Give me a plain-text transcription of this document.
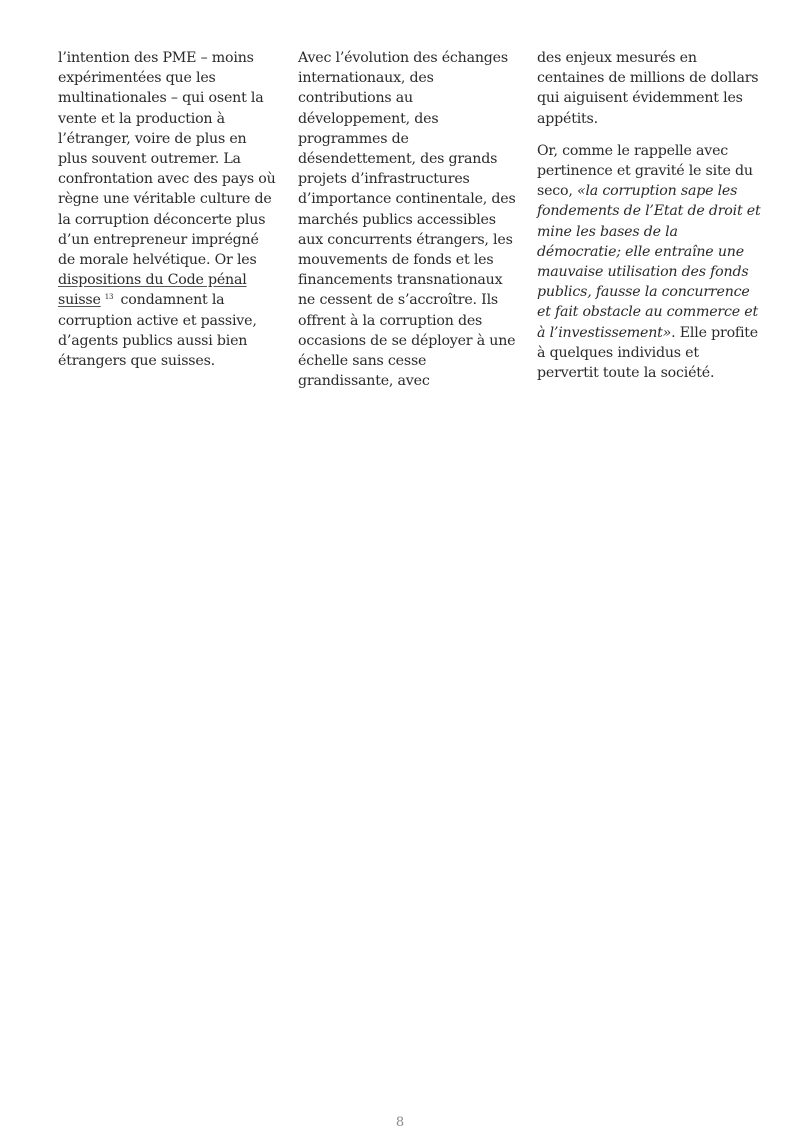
l’intention des PME – moins expérimentées que les multinationales – qui osent la vente et la production à l’étranger, voire de plus en plus souvent outremer. La confrontation avec des pays où règne une véritable culture de la corruption déconcerte plus d’un entrepreneur imprégné de morale helvétique. Or les dispositions du Code pénal suisse $^{13}$ condamnent la corruption active et passive, d’agents publics aussi bien étrangers que suisses.

Avec l’évolution des échanges internationaux, des contributions au développement, des programmes de désendettement, des grands projets d’infrastructures d’importance continentale, des marchés publics accessibles aux concurrents étrangers, les mouvements de fonds et les financements transnationaux ne cessent de s’accroître. Ils offrent à la corruption des occasions de se déployer à une échelle sans cesse grandissante, avec

des enjeux mesurés en centaines de millions de dollars qui aiguisent évidemment les appétits.

Or, comme le rappelle avec pertinence et gravité le site du seco, «la corruption sape les fondements de l’Etat de droit et mine les bases de la démocratie; elle entraîne une mauvaise utilisation des fonds publics, fausse la concurrence et fait obstacle au commerce et à l’investissement». Elle profite à quelques individus et pervertit toute la société.

8
